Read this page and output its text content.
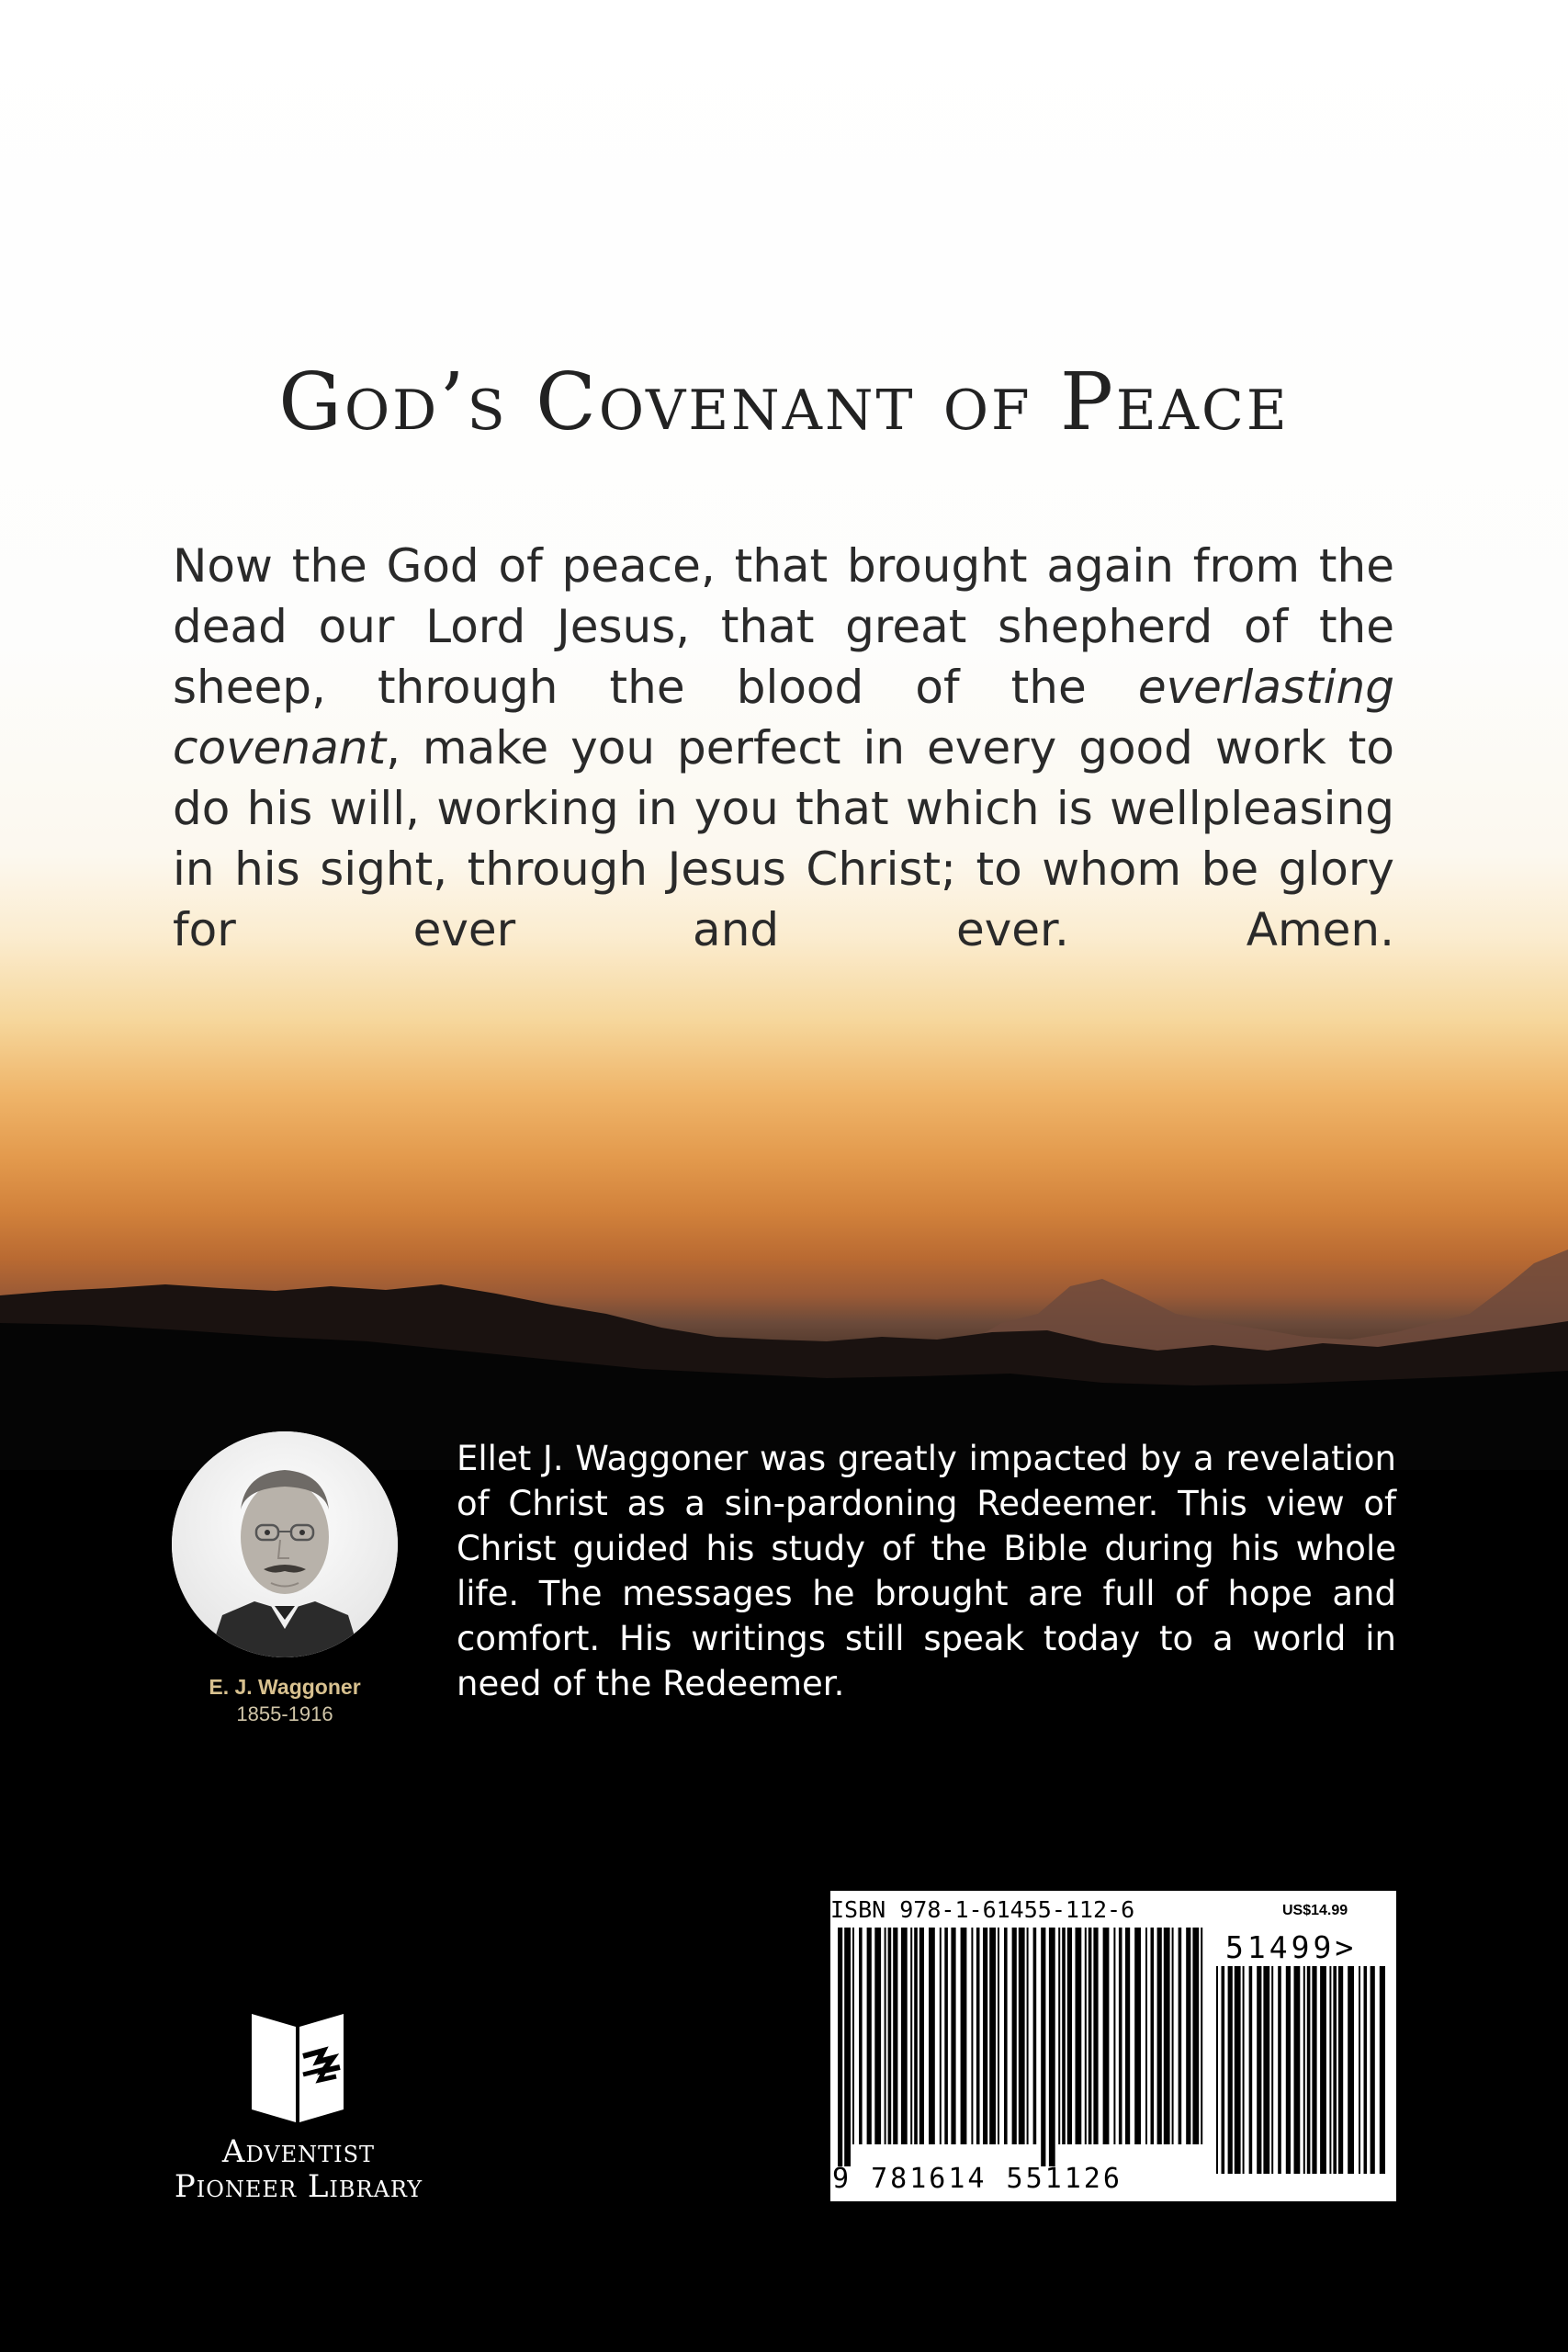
God’s Covenant of Peace

Now the God of peace, that brought again from the dead our Lord Jesus, that great shepherd of the sheep, through the blood of the everlasting covenant, make you perfect in every good work to do his will, working in you that which is wellpleasing in his sight, through Jesus Christ; to whom be glory for ever and ever. Amen.

E. J. Waggoner
1855-1916

Ellet J. Waggoner was greatly impacted by a revelation of Christ as a sin-pardoning Redeemer. This view of Christ guided his study of the Bible during his whole life. The messages he brought are full of hope and comfort. His writings still speak today to a world in need of the Redeemer.

Adventist
Pioneer Library
ISBN 978-1-61455-112-6	US$14.99
51499>
9 781614 551126
